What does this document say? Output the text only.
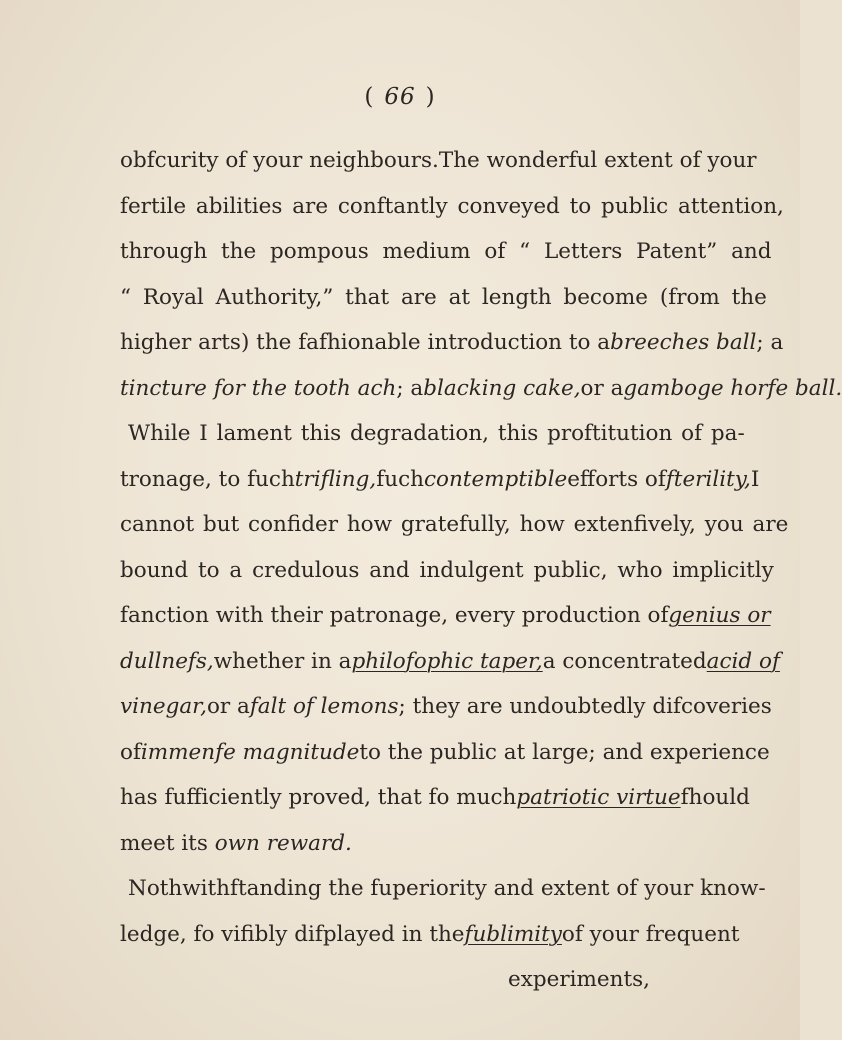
( 66 )
obfcurity of your neighbours. The wonderful extent of your
fertile abilities are conftantly conveyed to public attention,
through the pompous medium of “ Letters Patent” and
“ Royal Authority,” that are at length become (from the
higher arts) the fafhionable introduction to a breeches ball ; a
tincture for the tooth ach ; a blacking cake, or a gamboge horfe ball.
While I lament this degradation, this proftitution of pa-
tronage, to fuch trifling, fuch contemptible efforts of fterility, I
cannot but confider how gratefully, how extenfively, you are
bound to a credulous and indulgent public, who implicitly
fanction with their patronage, every production of genius or
dullnefs, whether in a philofophic taper, a concentrated acid of
vinegar, or a falt of lemons ; they are undoubtedly difcoveries
of immenfe magnitude to the public at large; and experience
has fufficiently proved, that fo much patriotic virtue fhould
meet its
own reward.
Nothwithftanding the fuperiority and extent of your know-
ledge, fo vifibly difplayed in the fublimity of your frequent
experiments,
